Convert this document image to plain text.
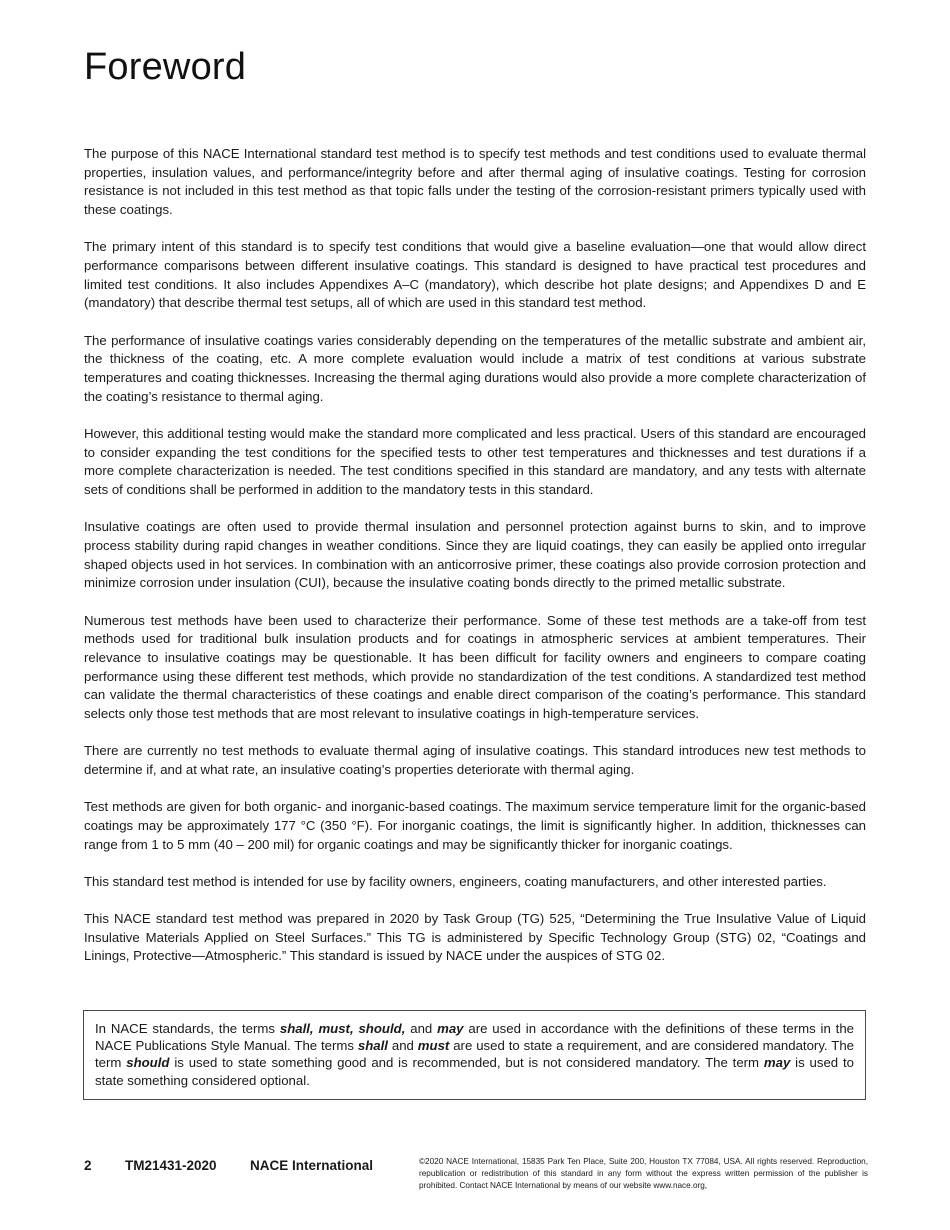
Foreword

The purpose of this NACE International standard test method is to specify test methods and test conditions used to evaluate thermal properties, insulation values, and performance/integrity before and after thermal aging of insulative coatings. Testing for corrosion resistance is not included in this test method as that topic falls under the testing of the corrosion-resistant primers typically used with these coatings.

The primary intent of this standard is to specify test conditions that would give a baseline evaluation—one that would allow direct performance comparisons between different insulative coatings. This standard is designed to have practical test procedures and limited test conditions. It also includes Appendixes A–C (mandatory), which describe hot plate designs; and Appendixes D and E (mandatory) that describe thermal test setups, all of which are used in this standard test method.

The performance of insulative coatings varies considerably depending on the temperatures of the metallic substrate and ambient air, the thickness of the coating, etc. A more complete evaluation would include a matrix of test conditions at various substrate temperatures and coating thicknesses. Increasing the thermal aging durations would also provide a more complete characterization of the coating’s resistance to thermal aging.

However, this additional testing would make the standard more complicated and less practical. Users of this standard are encouraged to consider expanding the test conditions for the specified tests to other test temperatures and thicknesses and test durations if a more complete characterization is needed. The test conditions specified in this standard are mandatory, and any tests with alternate sets of conditions shall be performed in addition to the mandatory tests in this standard.

Insulative coatings are often used to provide thermal insulation and personnel protection against burns to skin, and to improve process stability during rapid changes in weather conditions. Since they are liquid coatings, they can easily be applied onto irregular shaped objects used in hot services. In combination with an anticorrosive primer, these coatings also provide corrosion protection and minimize corrosion under insulation (CUI), because the insulative coating bonds directly to the primed metallic substrate.

Numerous test methods have been used to characterize their performance. Some of these test methods are a take-off from test methods used for traditional bulk insulation products and for coatings in atmospheric services at ambient temperatures. Their relevance to insulative coatings may be questionable. It has been difficult for facility owners and engineers to compare coating performance using these different test methods, which provide no standardization of the test conditions. A standardized test method can validate the thermal characteristics of these coatings and enable direct comparison of the coating’s performance. This standard selects only those test methods that are most relevant to insulative coatings in high-temperature services.

There are currently no test methods to evaluate thermal aging of insulative coatings. This standard introduces new test methods to determine if, and at what rate, an insulative coating’s properties deteriorate with thermal aging.

Test methods are given for both organic- and inorganic-based coatings. The maximum service temperature limit for the organic-based coatings may be approximately 177 °C (350 °F). For inorganic coatings, the limit is significantly higher. In addition, thicknesses can range from 1 to 5 mm (40 – 200 mil) for organic coatings and may be significantly thicker for inorganic coatings.

This standard test method is intended for use by facility owners, engineers, coating manufacturers, and other interested parties.

This NACE standard test method was prepared in 2020 by Task Group (TG) 525, “Determining the True Insulative Value of Liquid Insulative Materials Applied on Steel Surfaces.” This TG is administered by Specific Technology Group (STG) 02, “Coatings and Linings, Protective—Atmospheric.” This standard is issued by NACE under the auspices of STG 02.

In NACE standards, the terms shall, must, should, and may are used in accordance with the definitions of these terms in the NACE Publications Style Manual. The terms shall and must are used to state a requirement, and are considered mandatory. The term should is used to state something good and is recommended, but is not considered mandatory. The term may is used to state something considered optional.
2 TM21431-2020 NACE International	©2020 NACE International, 15835 Park Ten Place, Suite 200, Houston TX 77084, USA. All rights reserved. Reproduction, republication or redistribution of this standard in any form without the express written permission of the publisher is prohibited. Contact NACE International by means of our website www.nace.org,
